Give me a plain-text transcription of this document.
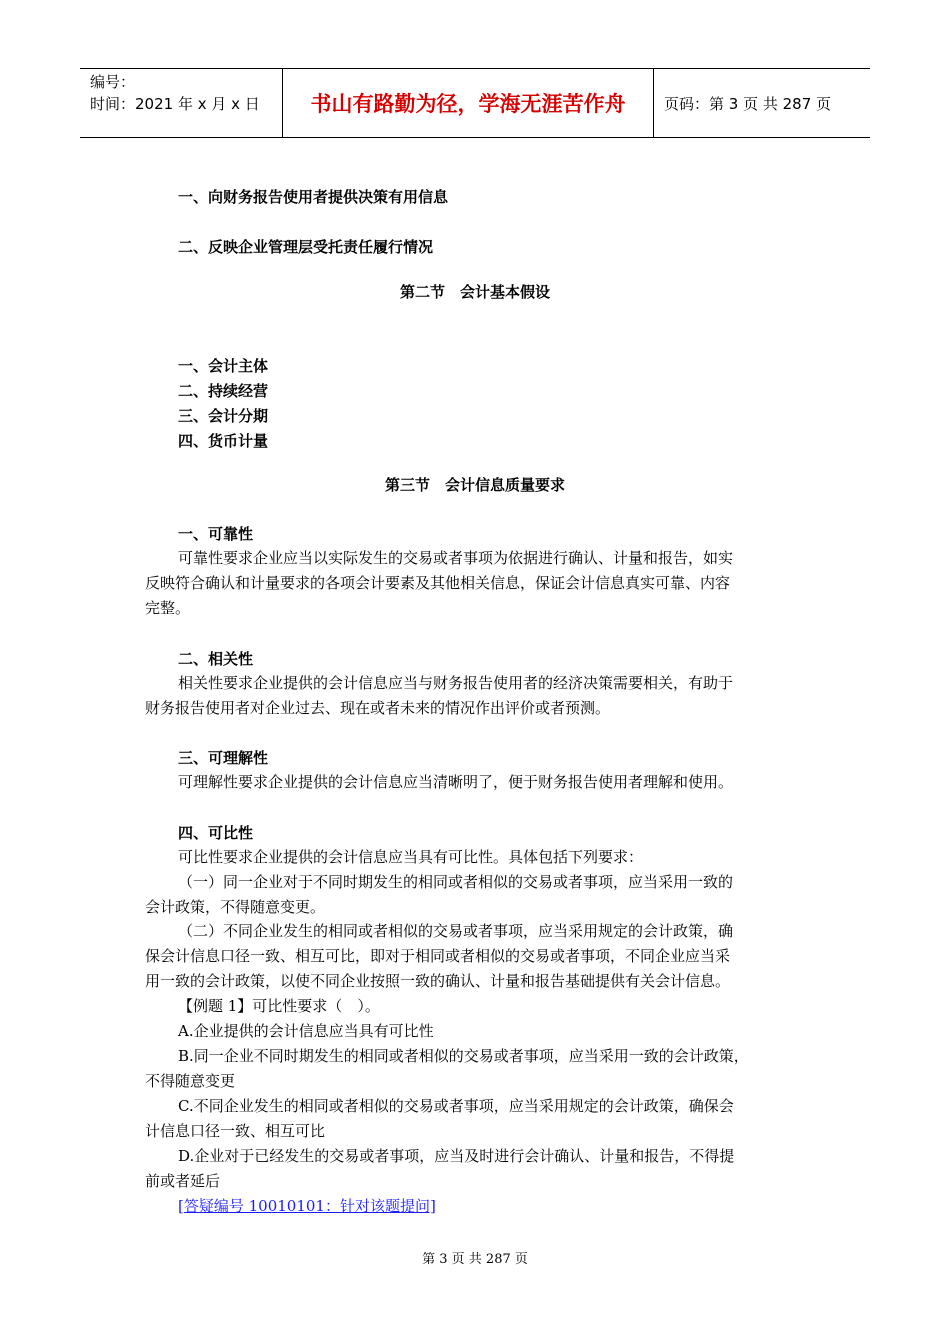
编号：
时间：2021 年 x 月 x 日	书山有路勤为径，学海无涯苦作舟	页码：第 3 页 共 287 页
一、向财务报告使用者提供决策有用信息
二、反映企业管理层受托责任履行情况
第二节　会计基本假设
一、会计主体
二、持续经营
三、会计分期
四、货币计量
第三节　会计信息质量要求
一、可靠性
可靠性要求企业应当以实际发生的交易或者事项为依据进行确认、计量和报告，如实
反映符合确认和计量要求的各项会计要素及其他相关信息，保证会计信息真实可靠、内容
完整。
二、相关性
相关性要求企业提供的会计信息应当与财务报告使用者的经济决策需要相关，有助于
财务报告使用者对企业过去、现在或者未来的情况作出评价或者预测。
三、可理解性
可理解性要求企业提供的会计信息应当清晰明了，便于财务报告使用者理解和使用。
四、可比性
可比性要求企业提供的会计信息应当具有可比性。具体包括下列要求：
（一）同一企业对于不同时期发生的相同或者相似的交易或者事项，应当采用一致的
会计政策，不得随意变更。
（二）不同企业发生的相同或者相似的交易或者事项，应当采用规定的会计政策，确
保会计信息口径一致、相互可比，即对于相同或者相似的交易或者事项，不同企业应当采
用一致的会计政策，以使不同企业按照一致的确认、计量和报告基础提供有关会计信息。
【例题 1】可比性要求（　）。
A.企业提供的会计信息应当具有可比性
B.同一企业不同时期发生的相同或者相似的交易或者事项，应当采用一致的会计政策，
不得随意变更
C.不同企业发生的相同或者相似的交易或者事项，应当采用规定的会计政策，确保会
计信息口径一致、相互可比
D.企业对于已经发生的交易或者事项，应当及时进行会计确认、计量和报告，不得提
前或者延后
[答疑编号 10010101：针对该题提问]
第 3 页 共 287 页
